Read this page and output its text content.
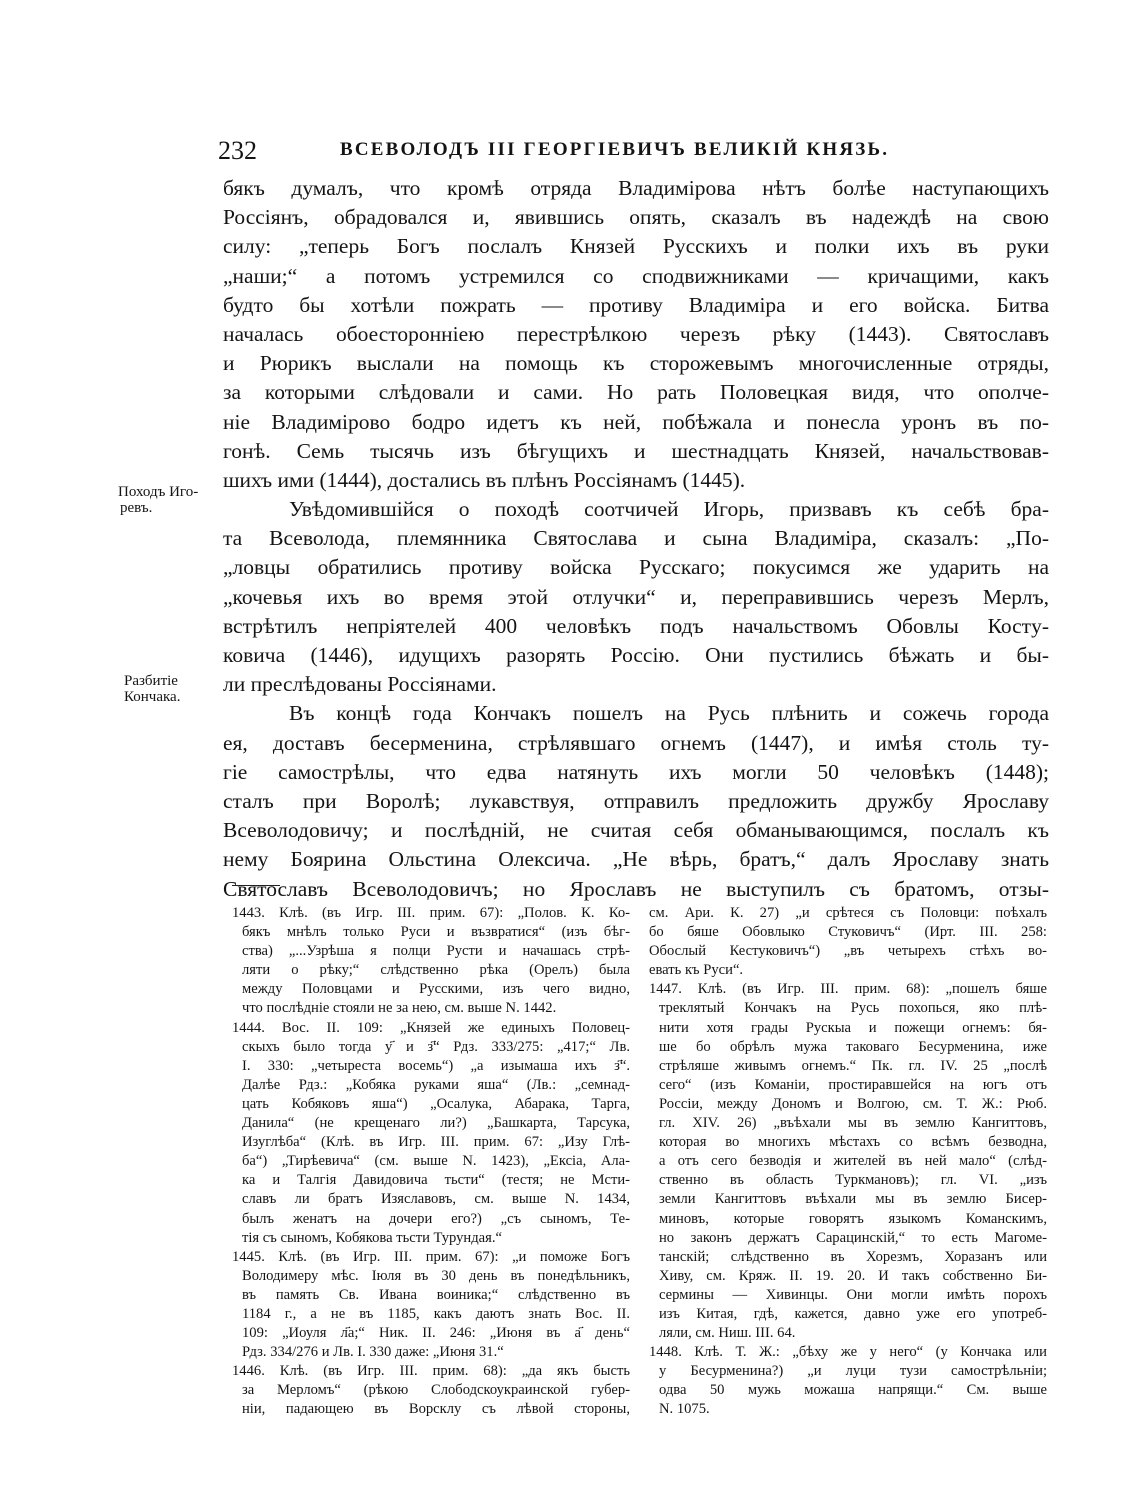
232	ВСЕВОЛОДЪ III ГЕОРГIЕВИЧЪ ВЕЛИКIЙ КНЯЗЬ.
Походъ Иго-
ревъ.
Разбитiе
Кончака.
бякъ думалъ, что кромѣ отряда Владимірова нѣтъ болѣе наступающихъ
Россіянъ, обрадовался и, явившись опять, сказалъ въ надеждѣ на свою
силу: „теперь Богъ послалъ Князей Русскихъ и полки ихъ въ руки
„наши;“ а потомъ устремился со сподвижниками — кричащими, какъ
будто бы хотѣли пожрать — противу Владиміра и его войска. Битва
началась обоесторонніею перестрѣлкою черезъ рѣку (1443). Святославъ
и Рюрикъ выслали на помощь къ сторожевымъ многочисленные отряды,
за которыми слѣдовали и сами. Но рать Половецкая видя, что ополче-
ніе Владимірово бодро идетъ къ ней, побѣжала и понесла уронъ въ по-
гонѣ. Семь тысячь изъ бѣгущихъ и шестнадцать Князей, начальствовав-
шихъ ими (1444), достались въ плѣнъ Россіянамъ (1445).
Увѣдомившійся о походѣ соотчичей Игорь, призвавъ къ себѣ бра-
та Всеволода, племянника Святослава и сына Владиміра, сказалъ: „По-
„ловцы обратились противу войска Русскаго; покусимся же ударить на
„кочевья ихъ во время этой отлучки“ и, переправившись черезъ Мерлъ,
встрѣтилъ непріятелей 400 человѣкъ подъ начальствомъ Обовлы Костy-
ковича (1446), идущихъ разорять Россію. Они пустились бѣжать и бы-
ли преслѣдованы Россіянами.
Въ концѣ года Кончакъ пошелъ на Русь плѣнить и сожечь города
ея, доставъ бесерменина, стрѣлявшаго огнемъ (1447), и имѣя столь ту-
гіе самострѣлы, что едва натянуть ихъ могли 50 человѣкъ (1448);
сталъ при Воролѣ; лукавствуя, отправилъ предложить дружбу Ярославу
Всеволодовичу; и послѣдній, не считая себя обманывающимся, послалъ къ
нему Боярина Ольстина Олексича. „Не вѣрь, братъ,“ далъ Ярославу знать
Святославъ Всеволодовичъ; но Ярославъ не выступилъ съ братомъ, отзы-
1443. Клѣ. (въ Игр. III. прим. 67): „Полов. К. Ко-
бякъ мнѣлъ только Руси и възвратися“ (изъ бѣг-
ства) „...Узрѣша я полци Русти и начашась стрѣ-
ляти о рѣку;“ слѣдственно рѣка (Орелъ) была
между Половцами и Русскими, изъ чего видно,
что послѣдніе стояли не за нею, см. выше N. 1442.
1444. Вос. II. 109: „Князей же единыхъ Половец-
скыхъ было тогда у҃ и з҃“ Рдз. 333/275: „417;“ Лв.
I. 330: „четыреста восемь“) „а изымаша ихъ з҃“.
Далѣе Рдз.: „Кобяка руками яша“ (Лв.: „семнад-
цать Кобяковъ яша“) „Осалука, Абарака, Тарга,
Данила“ (не крещенаго ли?) „Башкарта, Тарсука,
Изуглѣба“ (Клѣ. въ Игр. III. прим. 67: „Изу Глѣ-
ба“) „Тирѣевича“ (см. выше N. 1423), „Ексіа, Ала-
ка и Талгія Давидовича тьсти“ (тестя; не Мсти-
славъ ли братъ Изяславовъ, см. выше N. 1434,
былъ женатъ на дочери его?) „съ сыномъ, Те-
тія съ сыномъ, Кобякова тьсти Турундая.“
1445. Клѣ. (въ Игр. III. прим. 67): „и поможе Богъ
Володимеру мѣс. Іюля въ 30 день въ понедѣльникъ,
въ память Св. Ивана воиника;“ слѣдственно въ
1184 г., а не въ 1185, какъ даютъ знать Вос. II.
109: „Иоуля л҃а;“ Ник. II. 246: „Июня въ а҃ день“
Рдз. 334/276 и Лв. I. 330 даже: „Июня 31.“
1446. Клѣ. (въ Игр. III. прим. 68): „да якъ бысть
за Мерломъ“ (рѣкою Слободскоукраинской губер-
ніи, падающею въ Ворсклу съ лѣвой стороны,
см. Ари. К. 27) „и срѣтеся съ Половци: поѣхалъ
бо бяше Обовлыко Стуковичъ“ (Ирт. III. 258:
Обослый Кестуковичъ“) „въ четырехъ стѣхъ во-
евать къ Руси“.
1447. Клѣ. (въ Игр. III. прим. 68): „пошелъ бяше
треклятый Кончакъ на Русь похопься, яко плѣ-
нити хотя грады Рускыа и пожещи огнемъ: бя-
ше бо обрѣлъ мужа таковаго Бесурменина, иже
стрѣляше живымъ огнемъ.“ Пк. гл. IV. 25 „послѣ
сего“ (изъ Команіи, простиравшейся на югъ отъ
Россіи, между Дономъ и Волгою, см. Т. Ж.: Рюб.
гл. XIV. 26) „въѣхали мы въ землю Кангиттовъ,
которая во многихъ мѣстахъ со всѣмъ безводна,
а отъ сего безводія и жителей въ ней мало“ (слѣд-
ственно въ область Туркмановъ); гл. VI. „изъ
земли Кангиттовъ въѣхали мы въ землю Бисер-
миновъ, которые говорятъ языкомъ Команскимъ,
но законъ держатъ Сарацинскій,“ то есть Магоме-
танскій; слѣдственно въ Хорезмъ, Хоразанъ или
Хиву, см. Кряж. II. 19. 20. И такъ собственно Би-
сермины — Хивинцы. Они могли имѣть порохъ
изъ Китая, гдѣ, кажется, давно уже его употреб-
ляли, см. Ниш. III. 64.
1448. Клѣ. Т. Ж.: „бѣху же у него“ (у Кончака или
у Бесурменина?) „и луци тузи самострѣльніи;
одва 50 мужь можаша напрящи.“ См. выше
N. 1075.
